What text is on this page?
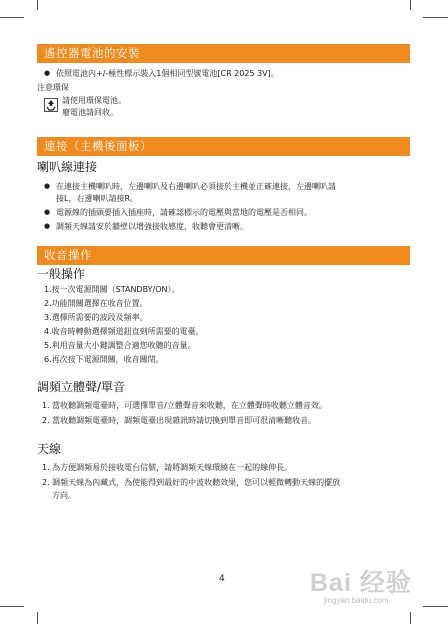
遙控器電池的安裝
● 依照電池內+/-極性標示裝入1個相同型號電池[CR 2025 3V]。
注意環保
請使用環保電池。
廢電池請回收。
連接（主機後面板）
喇叭線連接
● 在連接主機喇叭時，左邊喇叭及右邊喇叭必須接於主機並正確連接，左邊喇叭請
接L，右邊喇叭請接R。
● 電源線的插頭要插入插座時，請確認標示的電壓與當地的電壓是否相同。
● 調頻天線請安於牆壁以增強接收感度，收聽會更清晰。
收音操作
一般操作
1.按一次電源開關（STANDBY/ON）。
2.功能開關選擇在收音位置。
3.選擇所需要的波段及頻率。
4.收音時轉動選擇頻道鈕直到所需要的電臺。
5.利用音量大小鍵調整合適您收聽的音量。
6.再次按下電源開關，收音關閉。
調頻立體聲/單音
1. 當收聽調頻電臺時，可選擇單音/立體聲音來收聽，在立體聲時收聽立體音效。
2. 當收聽調頻電臺時，調頻電臺出現雜訊時請切換到單音即可很清晰聽收音。
天線
1. 為方便調頻易於接收電台信號，請將調頻天線環繞在一起的線伸長。
2. 調頻天線為內藏式，為使能得到最好的中波收聽效果，您可以輕微轉動天線的擺放
方向。
4	Bai 经验
jingyan.baidu.com
